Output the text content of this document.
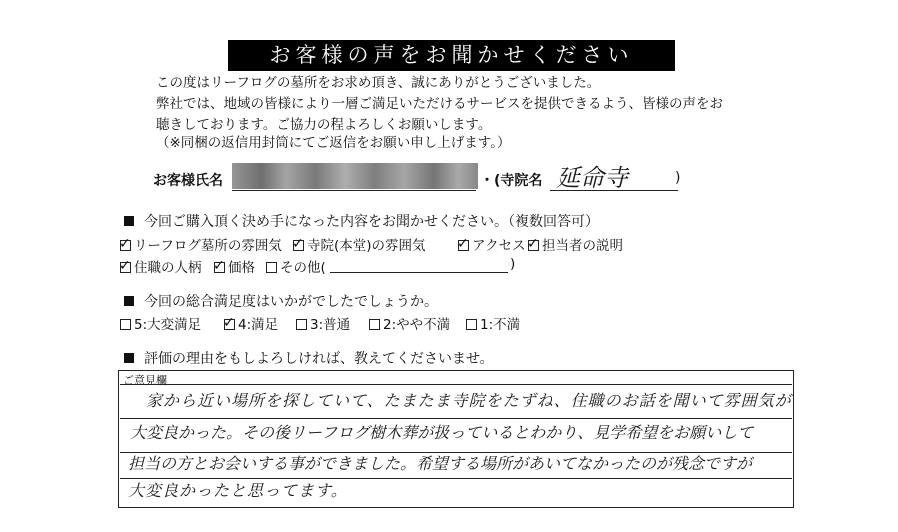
お客様の声をお聞かせください
この度はリーフログの墓所をお求め頂き、誠にありがとうございました。
弊社では、地域の皆様により一層ご満足いただけるサービスを提供できるよう、皆様の声をお
聴きしております。ご協力の程よろしくお願いします。
（※同梱の返信用封筒にてご返信をお願い申し上げます。）
お客様氏名	・(寺院名 延命寺	)
今回ご購入頂く決め手になった内容をお聞かせください。（複数回答可）
✓ リーフログ墓所の雰囲気 ✓ 寺院(本堂)の雰囲気 ✓ アクセス ✓ 担当者の説明
✓ 住職の人柄 ✓ 価格	その他(	)
今回の総合満足度はいかがでしたでしょうか。
5:大変満足 ✓ 4:満足	3:普通	2:やや不満	1:不満
評価の理由をもしよろしければ、教えてくださいませ。
ご意見欄
家から近い場所を探していて、たまたま寺院をたずね、住職のお話を聞いて雰囲気が
大変良かった。その後リーフログ樹木葬が扱っているとわかり、見学希望をお願いして
担当の方とお会いする事ができました。希望する場所があいてなかったのが残念ですが
大変良かったと思ってます。
